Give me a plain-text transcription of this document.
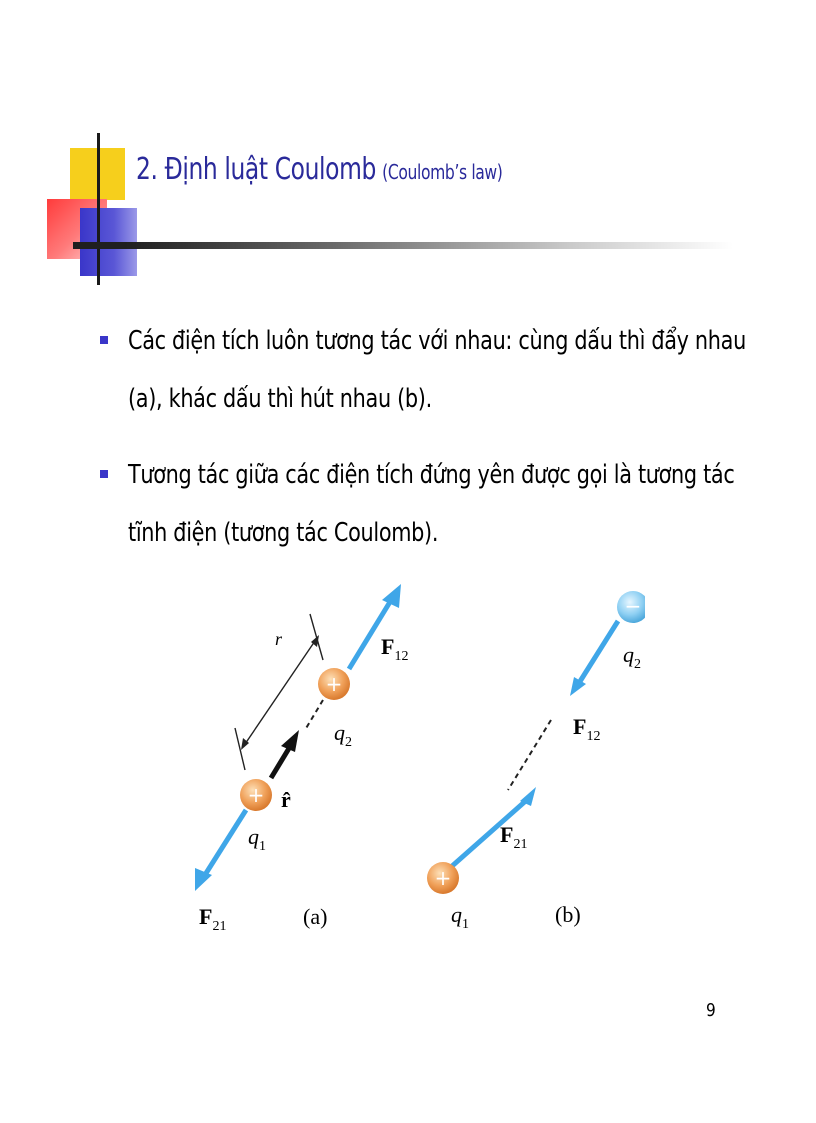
2. Định luật Coulomb (Coulomb’s law)
Các điện tích luôn tương tác với nhau: cùng dấu thì đẩy nhau (a), khác dấu thì hút nhau (b).
Tương tác giữa các điện tích đứng yên được gọi là tương tác tĩnh điện (tương tác Coulomb).
+
+
r̂
r	$F_{12}$
$q_2$
$q_1$
$F_{21}$	(a)
−
+
$q_2$
$F_{12}$
$F_{21}$
$q_1$	(b)
9
